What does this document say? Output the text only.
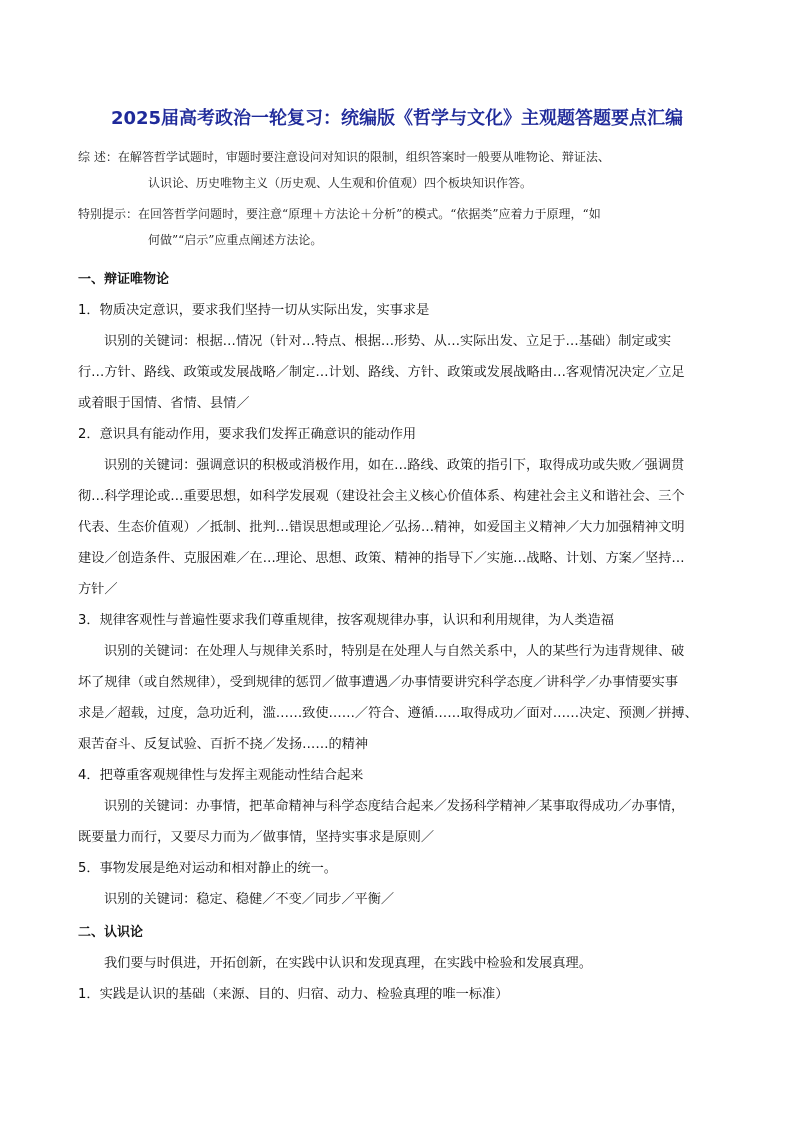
2025届高考政治一轮复习：统编版《哲学与文化》主观题答题要点汇编
综 述：在解答哲学试题时，审题时要注意设问对知识的限制，组织答案时一般要从唯物论、辩证法、
认识论、历史唯物主义（历史观、人生观和价值观）四个板块知识作答。
特别提示：在回答哲学问题时，要注意“原理＋方法论＋分析”的模式。“依据类”应着力于原理，“如
何做”“启示”应重点阐述方法论。
一、辩证唯物论
1．物质决定意识，要求我们坚持一切从实际出发，实事求是
识别的关键词：根据…情况（针对…特点、根据…形势、从…实际出发、立足于…基础）制定或实
行…方针、路线、政策或发展战略／制定…计划、路线、方针、政策或发展战略由…客观情况决定／立足
或着眼于国情、省情、县情／
2．意识具有能动作用，要求我们发挥正确意识的能动作用
识别的关键词：强调意识的积极或消极作用，如在…路线、政策的指引下，取得成功或失败／强调贯
彻…科学理论或…重要思想，如科学发展观（建设社会主义核心价值体系、构建社会主义和谐社会、三个
代表、生态价值观）／抵制、批判…错误思想或理论／弘扬…精神，如爱国主义精神／大力加强精神文明
建设／创造条件、克服困难／在…理论、思想、政策、精神的指导下／实施…战略、计划、方案／坚持…
方针／
3．规律客观性与普遍性要求我们尊重规律，按客观规律办事，认识和利用规律，为人类造福
识别的关键词：在处理人与规律关系时，特别是在处理人与自然关系中，人的某些行为违背规律、破
坏了规律（或自然规律），受到规律的惩罚／做事遭遇／办事情要讲究科学态度／讲科学／办事情要实事
求是／超载，过度，急功近利，滥……致使……／符合、遵循……取得成功／面对……决定、预测／拼搏、
艰苦奋斗、反复试验、百折不挠／发扬……的精神
4．把尊重客观规律性与发挥主观能动性结合起来
识别的关键词：办事情，把革命精神与科学态度结合起来／发扬科学精神／某事取得成功／办事情，
既要量力而行，又要尽力而为／做事情，坚持实事求是原则／
5．事物发展是绝对运动和相对静止的统一。
识别的关键词：稳定、稳健／不变／同步／平衡／
二、认识论
我们要与时俱进，开拓创新，在实践中认识和发现真理，在实践中检验和发展真理。
1．实践是认识的基础（来源、目的、归宿、动力、检验真理的唯一标准）
